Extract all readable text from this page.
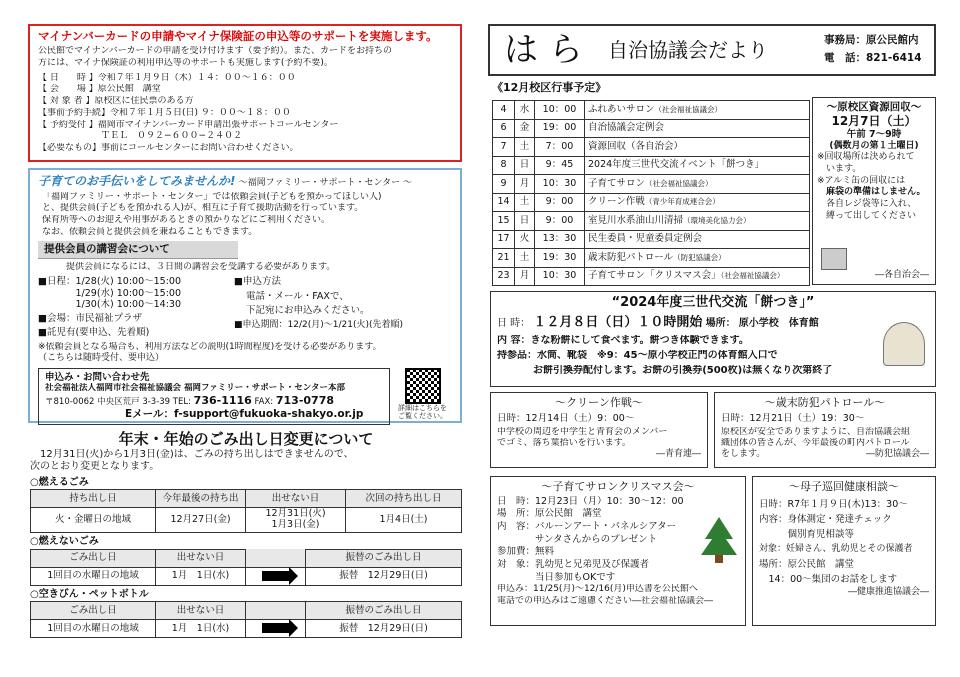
マイナンバーカードの申請やマイナ保険証の申込等のサポートを実施します。
公民館でマイナンバーカードの申請を受け付けます（要予約）。また、カードをお持ちの
方には、マイナ保険証の利用申込等のサポートも実施します(予約不要)。
【 日　　時 】令和７年１月９日（木）１４：００〜１６：００
【 会　　場 】原公民館　講堂
【 対 象 者 】原校区に住民票のある方
【事前予約手続】令和７年１月５日(日) ９：００〜１８：００
【 予約受付 】福岡市マイナンバーカード申請出張サポートコールセンター
　　　　　　　ＴＥＬ　０９２−６００−２４０２
【必要なもの】事前にコールセンターにお問い合わせください。
子育てのお手伝いをしてみませんか! 〜福岡ファミリー・サポート・センター 〜
「福岡ファミリー・サポート・センター」では依頼会員(子どもを預かってほしい人)
と、提供会員(子どもを預かれる人)が、相互に子育て援助活動を行っています。
保育所等へのお迎えや用事があるときの預かりなどにご利用ください。
なお、依頼会員と提供会員を兼ねることもできます。
提供会員の講習会について
提供会員になるには、３日間の講習会を受講する必要があります。
■日程： 1/28(火) 10:00〜15:00
1/29(水) 10:00〜15:00
1/30(木) 10:00〜14:30
■会場：市民福祉プラザ
■託児有(要申込、先着順)
■申込方法
電話・メール・FAXで、
下記宛にお申込みください。
■申込期間：12/2(月)〜1/21(火)(先着順)
※依頼会員となる場合も、利用方法などの説明(1時間程度)を受ける必要があります。
（こちらは随時受付、要申込）
申込み・お問い合わせ先
社会福祉法人福岡市社会福祉協議会 福岡ファミリー・サポート・センター本部
〒810-0062 中央区荒戸 3-3-39 TEL: 736-1116 FAX: 713-0778
Eメール：f-support@fukuoka-shakyo.or.jp
詳細はこちらを
ご覧ください。
年末・年始のごみ出し日変更について
12月31日(火)から1月3日(金)は、ごみの持ち出しはできませんので、
次のとおり変更となります。
○燃えるごみ
持ち出し日	今年最後の持ち出	出せない日	次回の持ち出し日
火・金曜日の地域	12月27日(金)	12月31日(火)
1月3日(金)	1月4日(土)
○燃えないごみ
ごみ出し日	出せない日		振替のごみ出し日
1回目の水曜日の地域	1月　1日(水)		振替　12月29日(日)
○空きびん・ペットボトル
ごみ出し日	出せない日		振替のごみ出し日
1回目の水曜日の地域	1月　1日(水)		振替　12月29日(日)
は ら 自治協議会だより	事務局：原公民館内
電　話：821-6414
《12月校区行事予定》
4	水	10：00	ふれあいサロン（社会福祉協議会）
6	金	19：00	自治協議会定例会
7	土	7：00	資源回収（各自治会）
8	日	9：45	2024年度三世代交流イベント「餅つき」
9	月	10：30	子育てサロン（社会福祉協議会）
14	土	9：00	クリーン作戦（青少年育成連合会）
15	日	9：00	室見川水系油山川清掃（環境美化協力会）
17	火	13：30	民生委員・児童委員定例会
21	土	19：30	歳末防犯パトロール（防犯協議会）
23	月	10：30	子育てサロン「クリスマス会」（社会福祉協議会）
〜原校区資源回収〜
12月7日（土）
午前 7〜9時
(偶数月の第１土曜日)
※回収場所は決められて
　います。
※アルミ缶の回収には
　麻袋の準備はしません。
　各自レジ袋等に入れ、
　縛って出してください
―各自治会―
“2024年度三世代交流「餅つき」”
日 時： １２月８日（日）１０時開始 場所： 原小学校　体育館
内 容：きな粉餅にして食べます。餅つき体験できます。
持参品：水筒、靴袋　※9：45〜原小学校正門の体育館入口で
お餅引換券配付します。お餅の引換券(500枚)は無くなり次第終了
〜クリーン作戦〜
日時：12月14日（土）9：00〜
中学校の周辺を中学生と青育会のメンバー
でゴミ、落ち葉拾いを行います。
―青育連―
〜歳末防犯パトロール〜
日時：12月21日（土）19：30〜
原校区が安全でありますように、自治協議会組
織団体の皆さんが、今年最後の町内パトロール
をします。	―防犯協議会―
〜子育てサロンクリスマス会〜
日　時：12月23日（月）10：30〜12：00
場　所：原公民館　講堂
内　容：バルーンアート・パネルシアター
　　　　サンタさんからのプレゼント
参加費：無料
対　象：乳幼児と兄弟児及び保護者
　　　　当日参加もOKです
申込み：11/25(月)〜12/16(月)申込書を公民館へ
電話での申込みはご遠慮ください―社会福祉協議会―
〜母子巡回健康相談〜
日時：R7年１月９日(木)13：30〜
内容：身体測定・発達チェック
　　　個別育児相談等
対象：妊婦さん、乳幼児とその保護者
場所：原公民館　講堂
　14：00〜集団のお話をします
―健康推進協議会―
